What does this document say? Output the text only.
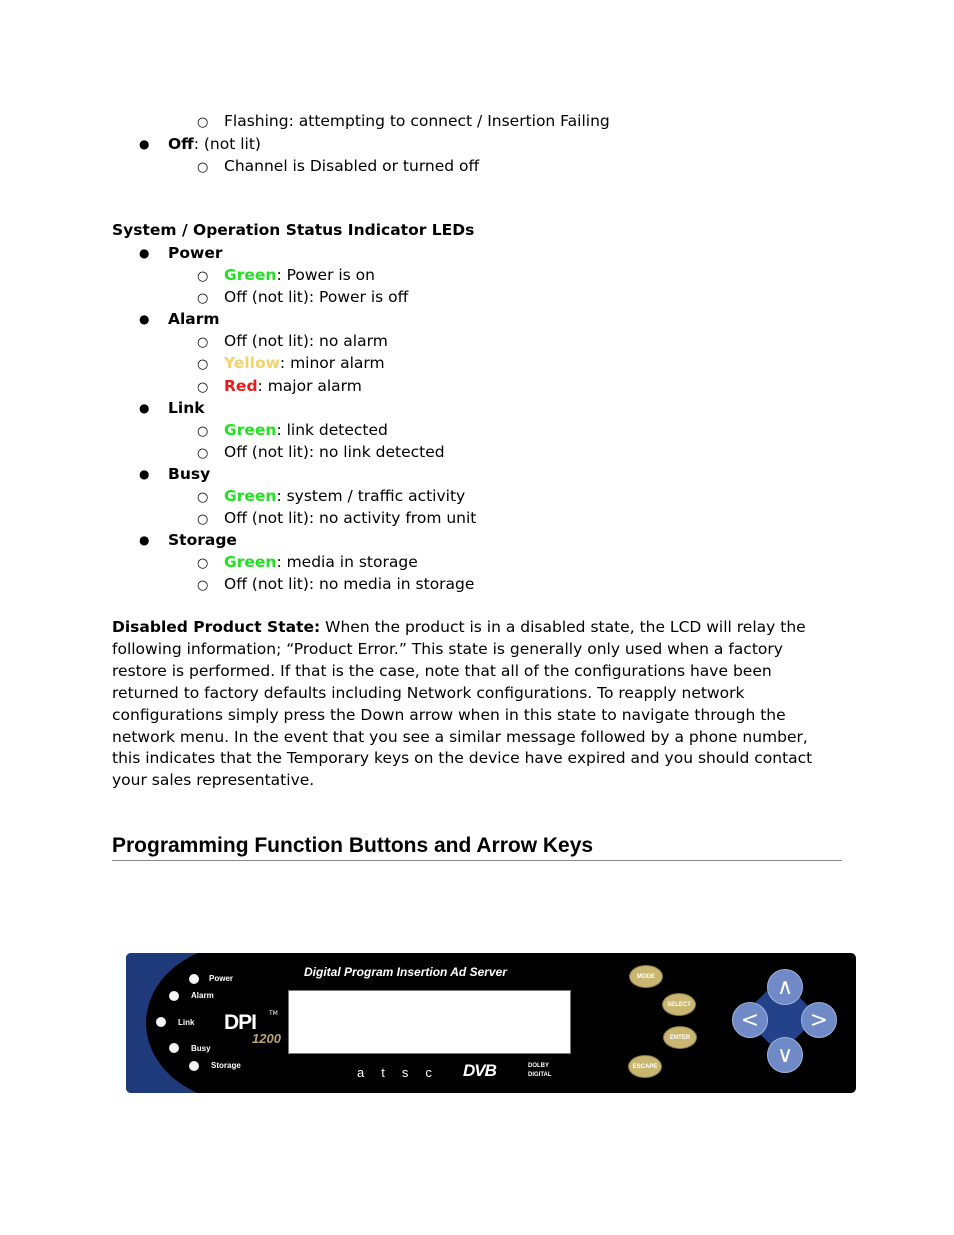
○ Flashing: attempting to connect / Insertion Failing
● Off: (not lit)
○ Channel is Disabled or turned off
System / Operation Status Indicator LEDs
● Power
○ Green: Power is on
○ Off (not lit): Power is off
● Alarm
○ Off (not lit): no alarm
○ Yellow: minor alarm
○ Red: major alarm
● Link
○ Green: link detected
○ Off (not lit): no link detected
● Busy
○ Green: system / traffic activity
○ Off (not lit): no activity from unit
● Storage
○ Green: media in storage
○ Off (not lit): no media in storage
Disabled Product State: When the product is in a disabled state, the LCD will relay the following information; “Product Error.” This state is generally only used when a factory restore is performed. If that is the case, note that all of the configurations have been returned to factory defaults including Network configurations. To reapply network configurations simply press the Down arrow when in this state to navigate through the network menu. In the event that you see a similar message followed by a phone number, this indicates that the Temporary keys on the device have expired and you should contact your sales representative.
Programming Function Buttons and Arrow Keys
Power
Alarm
Link
Busy
Storage
DPI TM
1200
Digital Program Insertion Ad Server
atsc DVB	DOLBY
DIGITAL
MODE
SELECT
ENTER
ESCAPE
∧
<	>
∨
